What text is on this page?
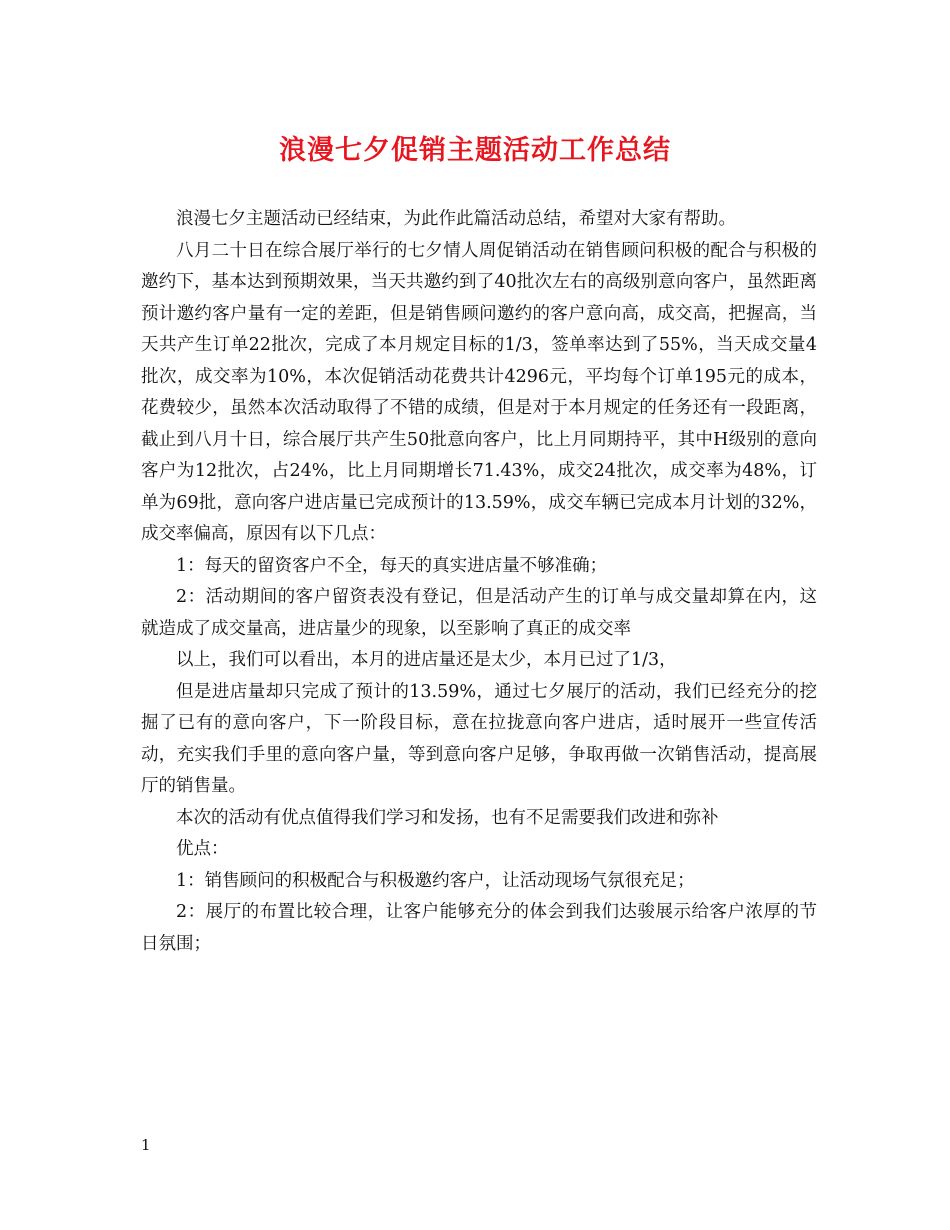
浪漫七夕促销主题活动工作总结

浪漫七夕主题活动已经结束，为此作此篇活动总结，希望对大家有帮助。

八月二十日在综合展厅举行的七夕情人周促销活动在销售顾问积极的配合与积极的邀约下，基本达到预期效果，当天共邀约到了40批次左右的高级别意向客户，虽然距离预计邀约客户量有一定的差距，但是销售顾问邀约的客户意向高，成交高，把握高，当天共产生订单22批次，完成了本月规定目标的1/3，签单率达到了55%，当天成交量4批次，成交率为10%，本次促销活动花费共计4296元，平均每个订单195元的成本，花费较少，虽然本次活动取得了不错的成绩，但是对于本月规定的任务还有一段距离，截止到八月十日，综合展厅共产生50批意向客户，比上月同期持平，其中H级别的意向客户为12批次，占24%，比上月同期增长71.43%，成交24批次，成交率为48%，订单为69批，意向客户进店量已完成预计的13.59%，成交车辆已完成本月计划的32%，成交率偏高，原因有以下几点：

1：每天的留资客户不全，每天的真实进店量不够准确；

2：活动期间的客户留资表没有登记，但是活动产生的订单与成交量却算在内，这就造成了成交量高，进店量少的现象，以至影响了真正的成交率

以上，我们可以看出，本月的进店量还是太少，本月已过了1/3，

但是进店量却只完成了预计的13.59%，通过七夕展厅的活动，我们已经充分的挖掘了已有的意向客户，下一阶段目标，意在拉拢意向客户进店，适时展开一些宣传活动，充实我们手里的意向客户量，等到意向客户足够，争取再做一次销售活动，提高展厅的销售量。

本次的活动有优点值得我们学习和发扬，也有不足需要我们改进和弥补

优点：

1：销售顾问的积极配合与积极邀约客户，让活动现场气氛很充足；

2：展厅的布置比较合理，让客户能够充分的体会到我们达骏展示给客户浓厚的节日氛围；

1
